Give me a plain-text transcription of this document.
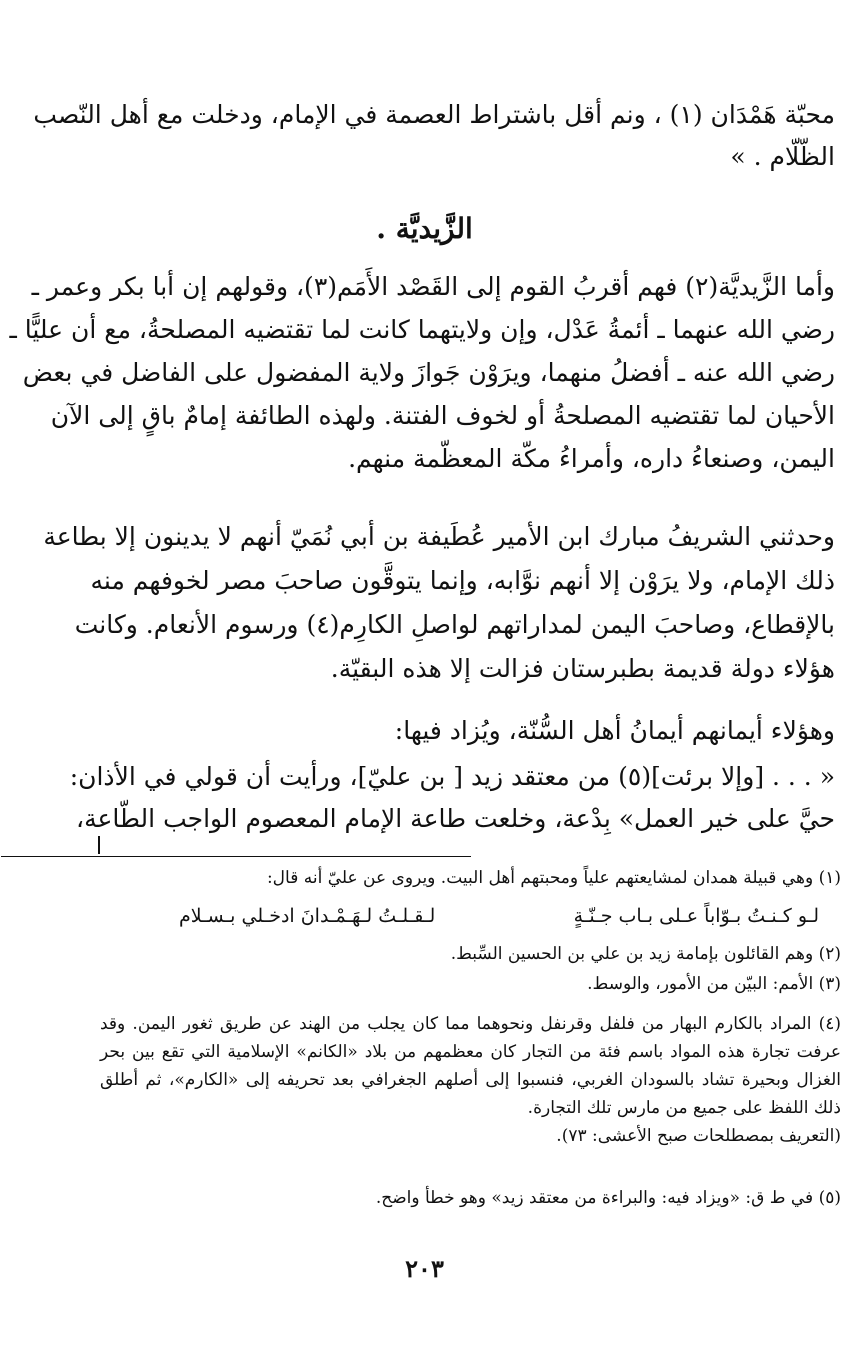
محبّة هَمْدَان (١) ، ونم أقل باشتراط العصمة في الإمام، ودخلت مع أهل النّصب
الظّلّام . »
الزَّيديَّة .
وأما الزَّيديَّة(٢) فهم أقربُ القوم إلى القَصْد الأَمَم(٣)، وقولهم إن أبا بكر وعمر ـ
رضي الله عنهما ـ أئمةُ عَدْل، وإن ولايتهما كانت لما تقتضيه المصلحةُ، مع أن عليًّا ـ
رضي الله عنه ـ أفضلُ منهما، ويرَوْن جَوازَ ولاية المفضول على الفاضل في بعض
الأحيان لما تقتضيه المصلحةُ أو لخوف الفتنة. ولهذه الطائفة إمامٌ باقٍ إلى الآن
اليمن، وصنعاءُ داره، وأمراءُ مكّة المعظّمة منهم.
وحدثني الشريفُ مبارك ابن الأمير عُطَيفة بن أبي نُمَيّ أنهم لا يدينون إلا بطاعة
ذلك الإمام، ولا يرَوْن إلا أنهم نوَّابه، وإنما يتوقَّون صاحبَ مصر لخوفهم منه
بالإقطاع، وصاحبَ اليمن لمداراتهم لواصلِ الكارِم(٤) ورسوم الأنعام. وكانت
هؤلاء دولة قديمة بطبرستان فزالت إلا هذه البقيّة.
وهؤلاء أيمانهم أيمانُ أهل السُّنّة، ويُزاد فيها:
« . . . [وإلا برئت](٥) من معتقد زيد [ بن عليّ]، ورأيت أن قولي في الأذان:
حيَّ على خير العمل» بِدْعة، وخلعت طاعة الإمام المعصوم الواجب الطّاعة،
(١) وهي قبيلة همدان لمشايعتهم علياً ومحبتهم أهل البيت. ويروى عن عليّ أنه قال:
لـو كـنـتُ بـوّاباً عـلى بـاب جـنّـةٍ
لـقـلـتُ لـهَـمْـدانَ ادخـلي بـسـلام
(٢) وهم القائلون بإمامة زيد بن علي بن الحسين السِّبط.
(٣) الأمم: البيّن من الأمور، والوسط.
(٤) المراد بالكارم البهار من فلفل وقرنفل ونحوهما مما كان يجلب من الهند عن طريق ثغور اليمن. وقد
عرفت تجارة هذه المواد باسم فئة من التجار كان معظمهم من بلاد «الكانم» الإسلامية التي تقع بين بحر
الغزال وبحيرة تشاد بالسودان الغربي، فنسبوا إلى أصلهم الجغرافي بعد تحريفه إلى «الكارم»، ثم أطلق
ذلك اللفظ على جميع من مارس تلك التجارة.
(التعريف بمصطلحات صبح الأعشى: ٧٣).
(٥) في ط ق: «ويزاد فيه: والبراءة من معتقد زيد» وهو خطأ واضح.
٢٠٣
